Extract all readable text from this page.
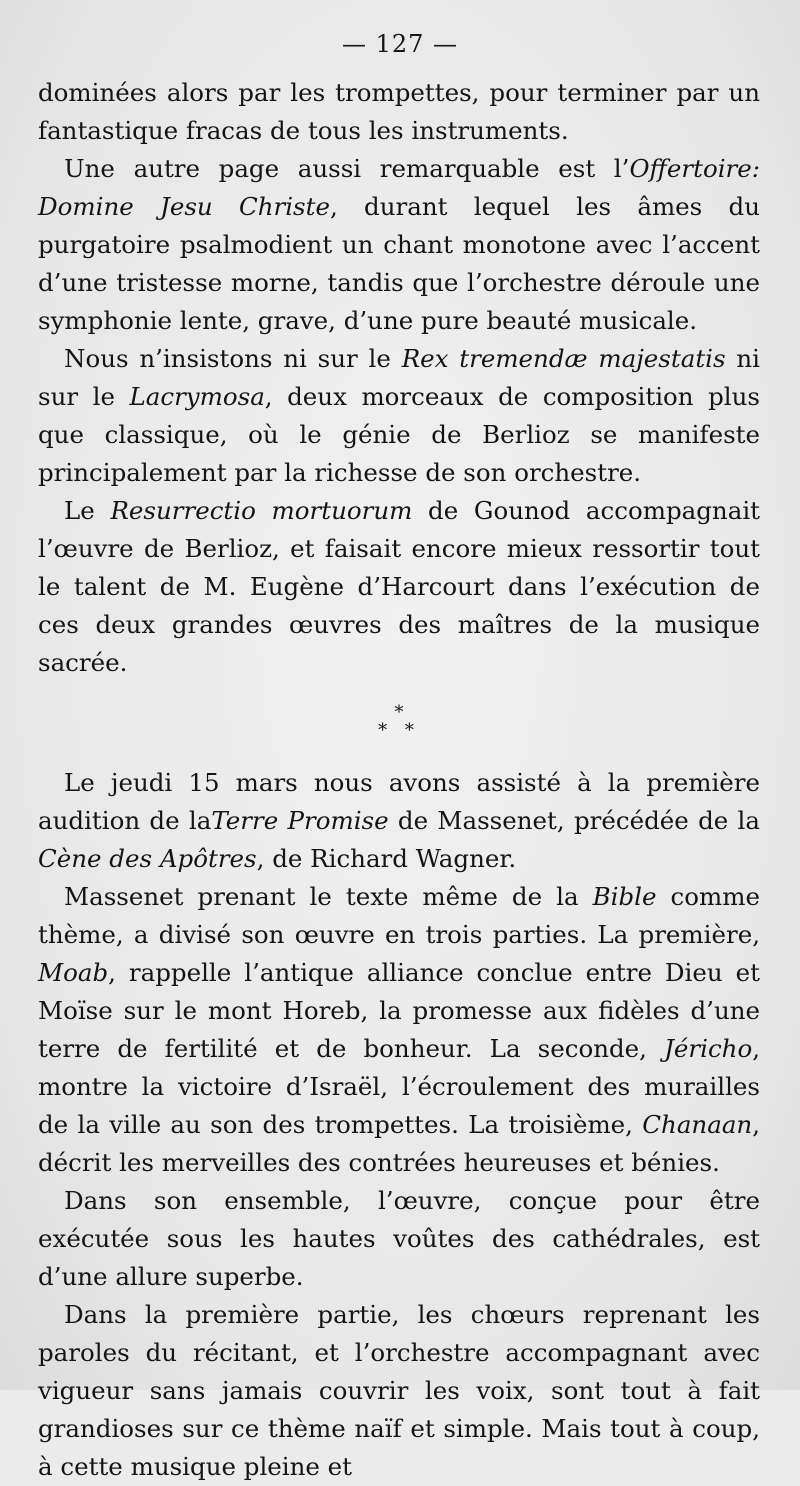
— 127 —

dominées alors par les trompettes, pour terminer par un fantastique fracas de tous les instruments.

Une autre page aussi remarquable est l’Offertoire: Domine Jesu Christe, durant lequel les âmes du purgatoire psalmodient un chant monotone avec l’accent d’une tristesse morne, tandis que l’orchestre déroule une symphonie lente, grave, d’une pure beauté musicale.

Nous n’insistons ni sur le Rex tremendæ majestatis ni sur le Lacrymosa, deux morceaux de composition plus que classique, où le génie de Berlioz se manifeste principalement par la richesse de son orchestre.

Le Resurrectio mortuorum de Gounod accompagnait l’œuvre de Berlioz, et faisait encore mieux ressortir tout le talent de M. Eugène d’Harcourt dans l’exécution de ces deux grandes œuvres des maîtres de la musique sacrée.

*
* *

Le jeudi 15 mars nous avons assisté à la première audition de laTerre Promise de Massenet, précédée de la Cène des Apôtres, de Richard Wagner.

Massenet prenant le texte même de la Bible comme thème, a divisé son œuvre en trois parties. La première, Moab, rappelle l’antique alliance conclue entre Dieu et Moïse sur le mont Horeb, la promesse aux fidèles d’une terre de fertilité et de bonheur. La seconde, Jéricho, montre la victoire d’Israël, l’écroulement des murailles de la ville au son des trompettes. La troisième, Chanaan, décrit les merveilles des contrées heureuses et bénies.

Dans son ensemble, l’œuvre, conçue pour être exécutée sous les hautes voûtes des cathédrales, est d’une allure superbe.

Dans la première partie, les chœurs reprenant les paroles du récitant, et l’orchestre accompagnant avec vigueur sans jamais couvrir les voix, sont tout à fait grandioses sur ce thème naïf et simple. Mais tout à coup, à cette musique pleine et
